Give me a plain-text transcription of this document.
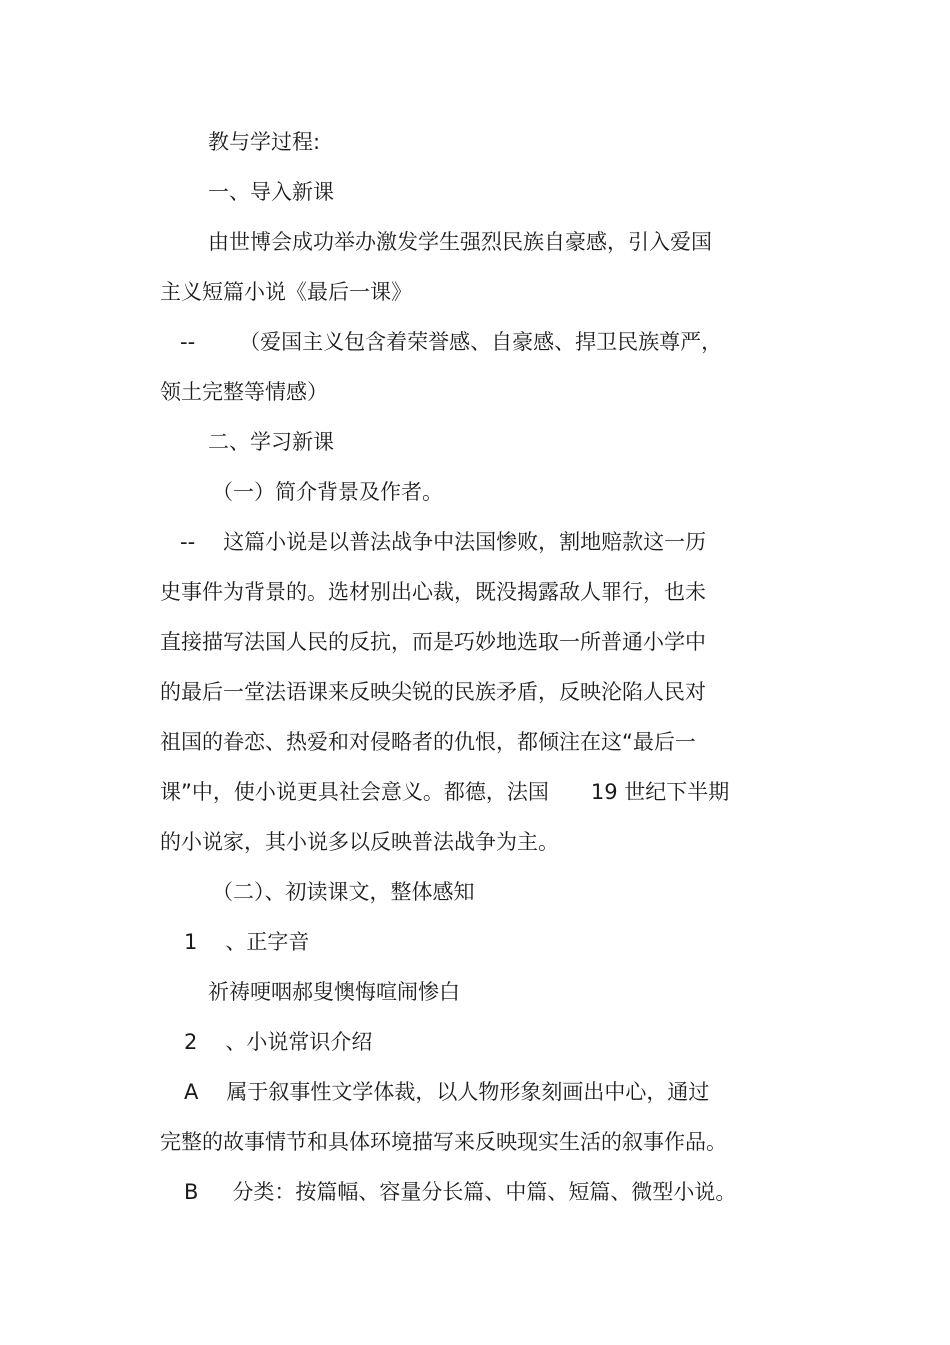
教与学过程:
一、导入新课
由世博会成功举办激发学生强烈民族自豪感，引入爱国
主义短篇小说《最后一课》
-- （爱国主义包含着荣誉感、自豪感、捍卫民族尊严，
领土完整等情感）
二、学习新课
（一）简介背景及作者。
-- 这篇小说是以普法战争中法国惨败，割地赔款这一历
史事件为背景的。选材别出心裁，既没揭露敌人罪行，也未
直接描写法国人民的反抗，而是巧妙地选取一所普通小学中
的最后一堂法语课来反映尖锐的民族矛盾，反映沦陷人民对
祖国的眷恋、热爱和对侵略者的仇恨，都倾注在这“最后一
课”中，使小说更具社会意义。都德，法国 19 世纪下半期
的小说家，其小说多以反映普法战争为主。
（二）、初读课文，整体感知
1 、正字音
祈祷哽咽郝叟懊悔喧闹惨白
2 、小说常识介绍
A 属于叙事性文学体裁，以人物形象刻画出中心，通过
完整的故事情节和具体环境描写来反映现实生活的叙事作品。
B 分类：按篇幅、容量分长篇、中篇、短篇、微型小说。
